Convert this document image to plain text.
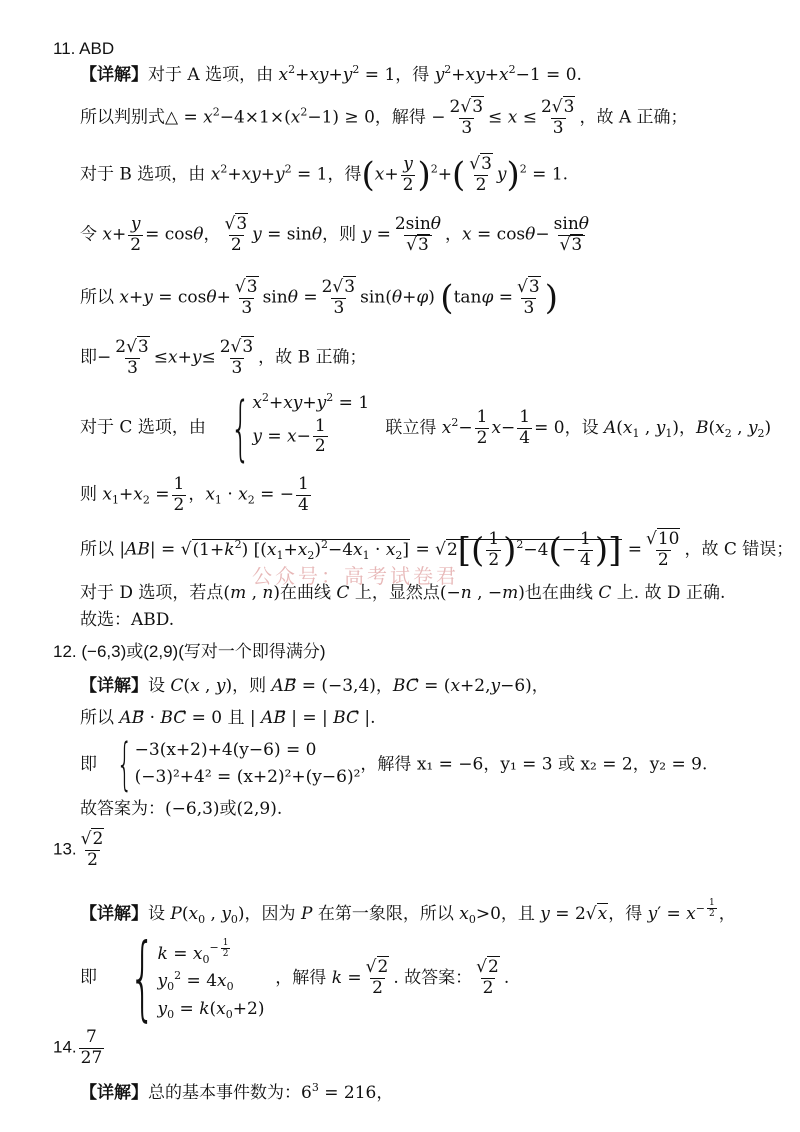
11. ABD
【详解】对于 A 选项，由 $x^2+xy+y^2 = 1$，得 $y^2+xy+x^2-1 = 0$.
所以判别式△ = $x^2-4\times 1\times(x^2-1) \ge 0$，解得 − $\frac{2√3}{3} \le x \le \frac{2√3}{3}$ ，故 A 正确；
对于 B 选项，由 $x^2+xy+y^2 = 1$，得$(x+ \frac{y}{2} )^2+( \frac{√3}{2} y)^2 = 1$.
令 $x+ \frac{y}{2} = \cos\theta$， $\frac{√3}{2}$ y = sinθ，则 $y = \frac{2\sin\theta}{√3}$ ，$x = \cos\theta- \frac{\sin\theta}{√3}$
所以 $x+y = \cos\theta+ \frac{√3}{3}$ $\sin\theta = \frac{2√3}{3} \sin(\theta+\varphi) (\tan\varphi = \frac{√3}{3}$ )
即− $\frac{2√3}{3} \le x+y\le \frac{2√3}{3}$ ，故 B 正确；
对于 C 选项，由 { $x^2+xy+y^2 = 1$
$y = x- \frac{1}{2}$	联立得 $x^2- \frac{1}{2} x- \frac{1}{4} = 0$，设 $A(x_1$ , $y_1$)，$B(x_2$ , $y_2$)
则 $x_1+x_2 = \frac{1}{2}$ ，$x_1 \cdot x_2$ = − $\frac{1}{4}$
所以 $|AB| = √(1+k^2) [(x_1+x_2)^2-4x_1 \cdot x_2] = √2[( \frac{1}{2} )^2-4(- \frac{1}{4}$ )] = $\frac{√10}{2}$ ，故 C 错误；
公众号：高考试卷君
对于 D 选项，若点(m , n)在曲线 C 上，显然点(−n , −m)也在曲线 C 上. 故 D 正确.
故选：ABD.
12. (−6,3)或(2,9)(写对一个即得满分)
【详解】设 C(x , y)，则 AB⃗ = (−3,4)，BC⃗ = (x+2,y−6)，
所以 AB⃗ · BC⃗ = 0 且 | AB⃗ | = | BC⃗ |.
即 { −3(x+2)+4(y−6) = 0
(−3)²+4² = (x+2)²+(y−6)²
，解得 x₁ = −6，y₁ = 3 或 x₂ = 2，y₂ = 9.
故答案为：(−6,3)或(2,9).
13. $\frac{√2}{2}$
【详解】设 $P(x_0$ , $y_0$)，因为 P 在第一象限，所以 $x_0>0$，且 y = 2√x，得 $y' = x^{- \frac{1}{2}}$ ，
即 { $k = x_0^{- \frac{1}{2}}$
$y_0^2 = 4x_0$
$y_0 = k(x_0+2)$
，解得 $k = \frac{√2}{2}$ . 故答案： $\frac{√2}{2}$ .
14. $\frac{7}{27}$
【详解】总的基本事件数为：$6^3 = 216$，
